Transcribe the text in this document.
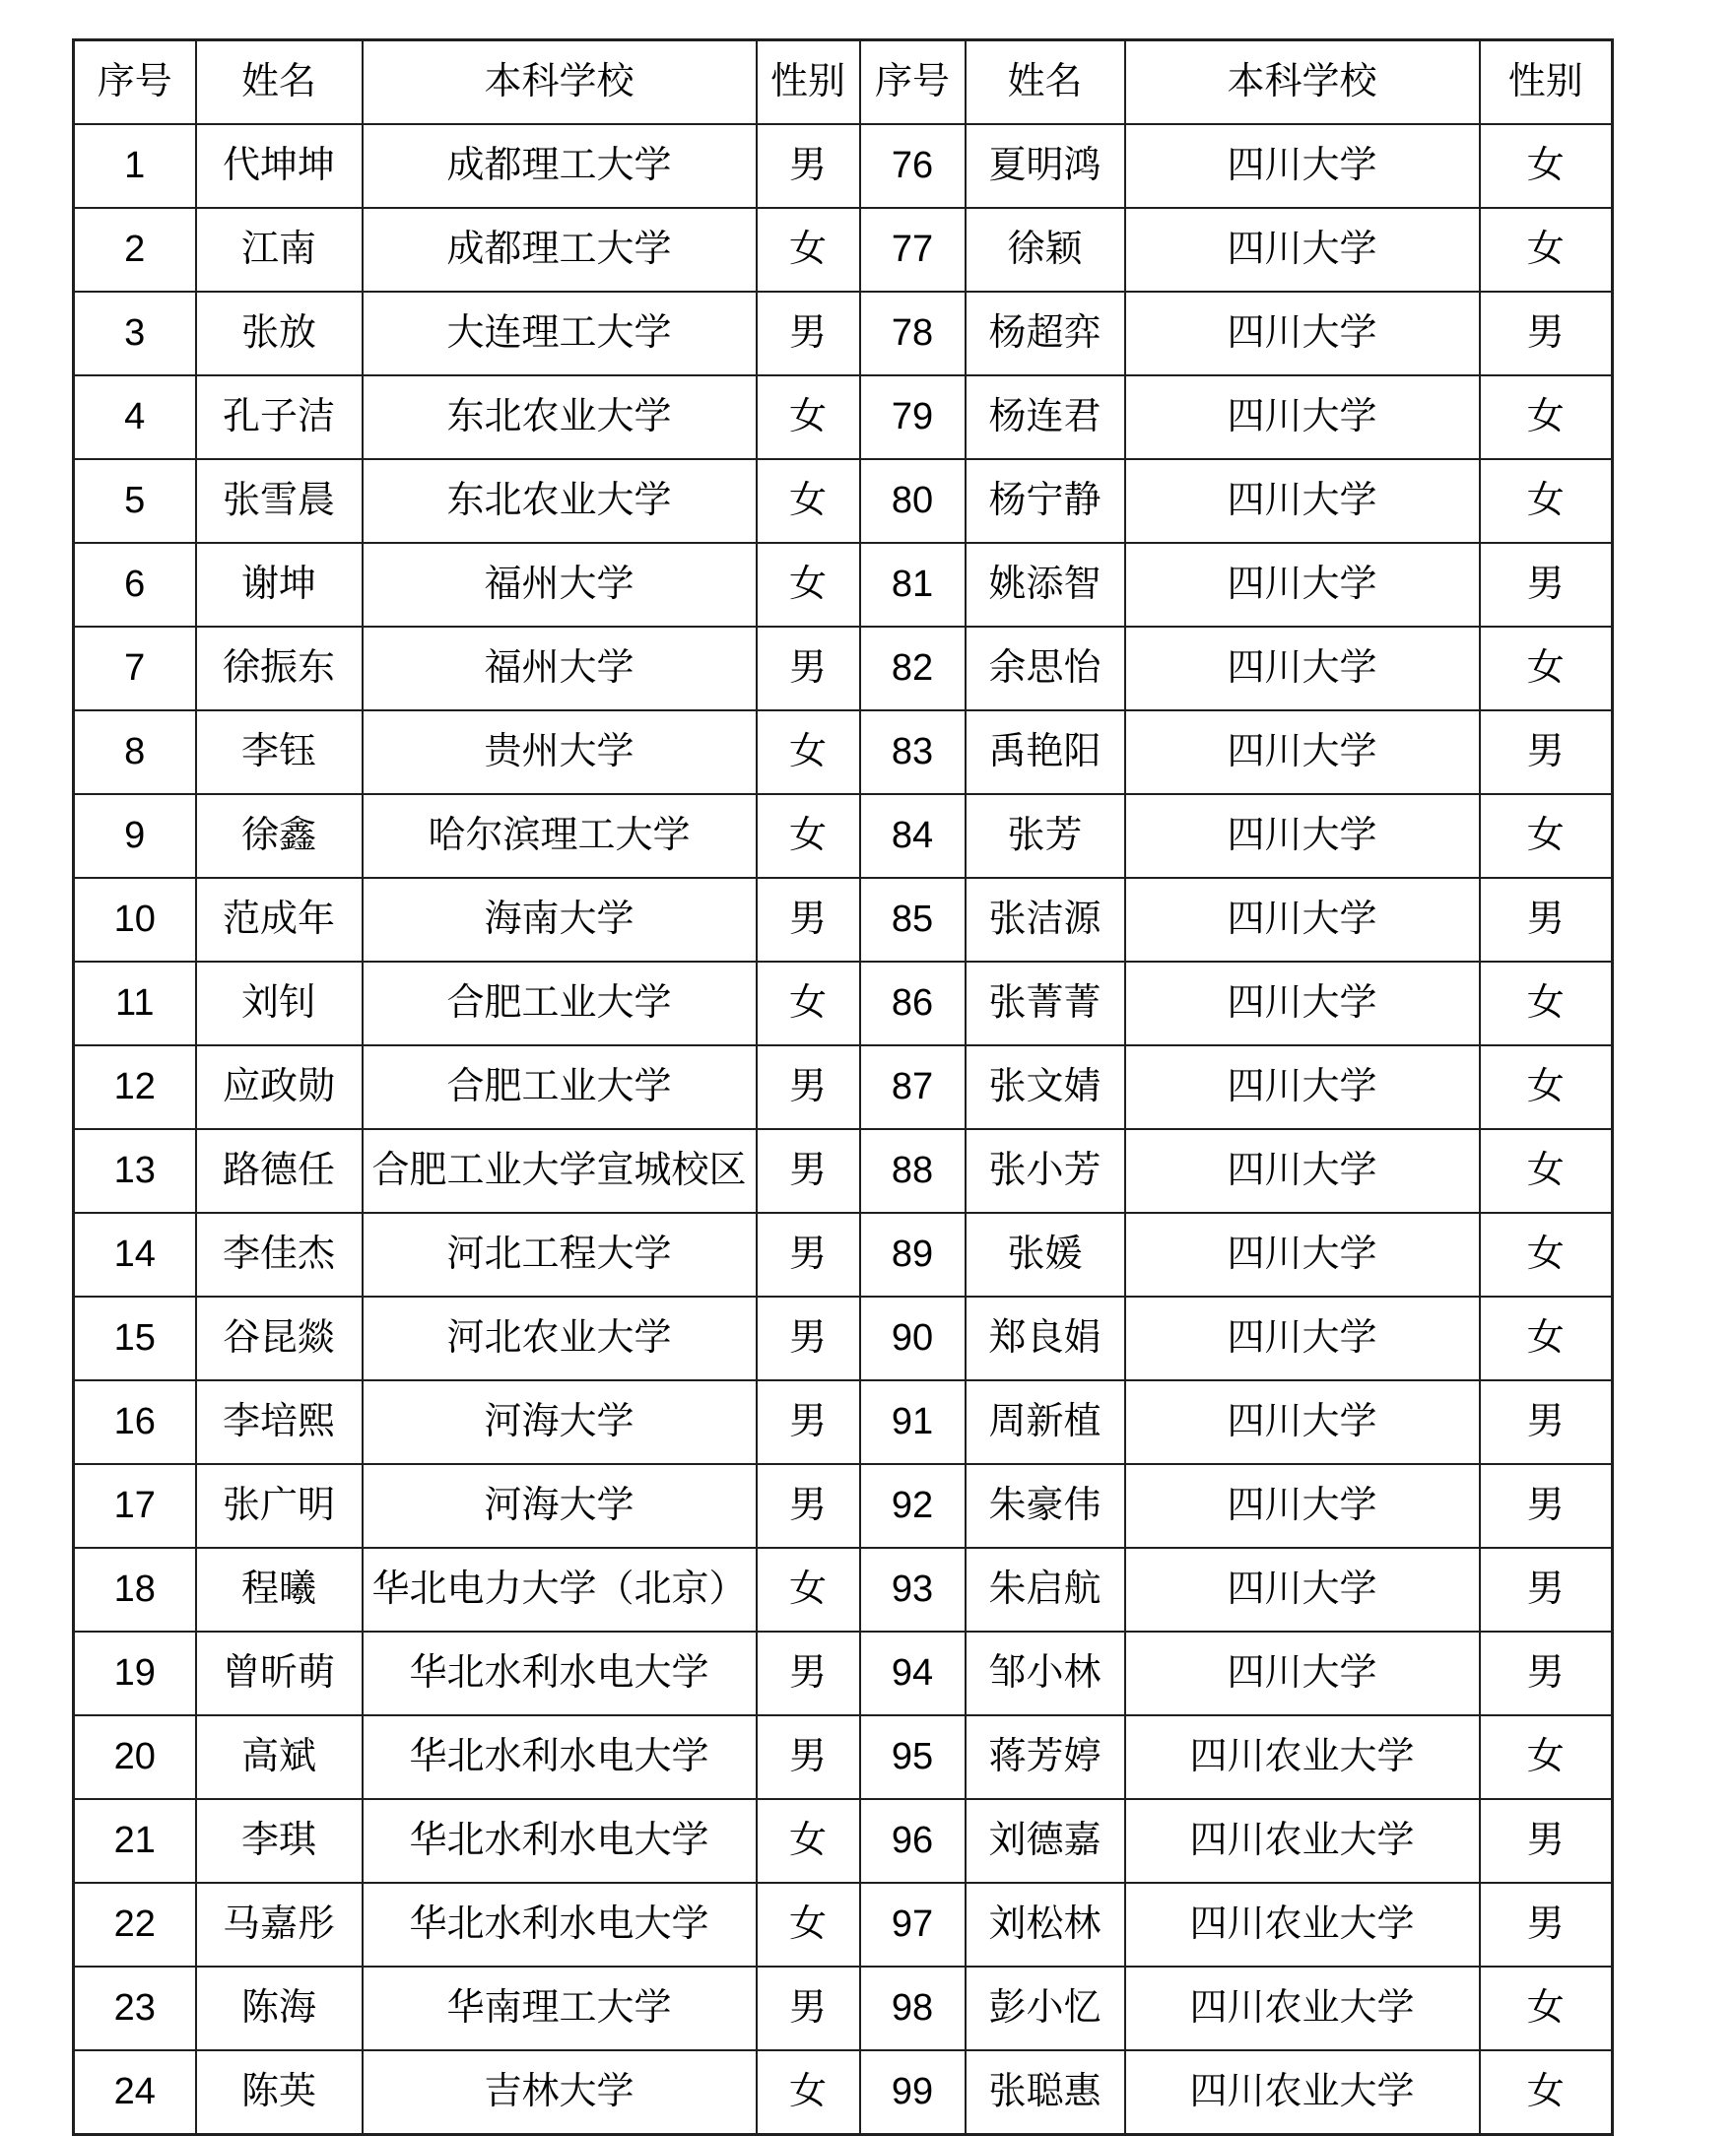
序号	姓名	本科学校	性别	序号	姓名	本科学校	性别
1	代坤坤	成都理工大学	男	76	夏明鸿	四川大学	女
2	江南	成都理工大学	女	77	徐颖	四川大学	女
3	张放	大连理工大学	男	78	杨超弈	四川大学	男
4	孔子洁	东北农业大学	女	79	杨连君	四川大学	女
5	张雪晨	东北农业大学	女	80	杨宁静	四川大学	女
6	谢坤	福州大学	女	81	姚添智	四川大学	男
7	徐振东	福州大学	男	82	余思怡	四川大学	女
8	李钰	贵州大学	女	83	禹艳阳	四川大学	男
9	徐鑫	哈尔滨理工大学	女	84	张芳	四川大学	女
10	范成年	海南大学	男	85	张洁源	四川大学	男
11	刘钊	合肥工业大学	女	86	张菁菁	四川大学	女
12	应政勋	合肥工业大学	男	87	张文婧	四川大学	女
13	路德任	合肥工业大学宣城校区	男	88	张小芳	四川大学	女
14	李佳杰	河北工程大学	男	89	张媛	四川大学	女
15	谷昆燚	河北农业大学	男	90	郑良娟	四川大学	女
16	李培熙	河海大学	男	91	周新植	四川大学	男
17	张广明	河海大学	男	92	朱豪伟	四川大学	男
18	程曦	华北电力大学（北京）	女	93	朱启航	四川大学	男
19	曾昕萌	华北水利水电大学	男	94	邹小林	四川大学	男
20	高斌	华北水利水电大学	男	95	蒋芳婷	四川农业大学	女
21	李琪	华北水利水电大学	女	96	刘德嘉	四川农业大学	男
22	马嘉彤	华北水利水电大学	女	97	刘松林	四川农业大学	男
23	陈海	华南理工大学	男	98	彭小忆	四川农业大学	女
24	陈英	吉林大学	女	99	张聪惠	四川农业大学	女
